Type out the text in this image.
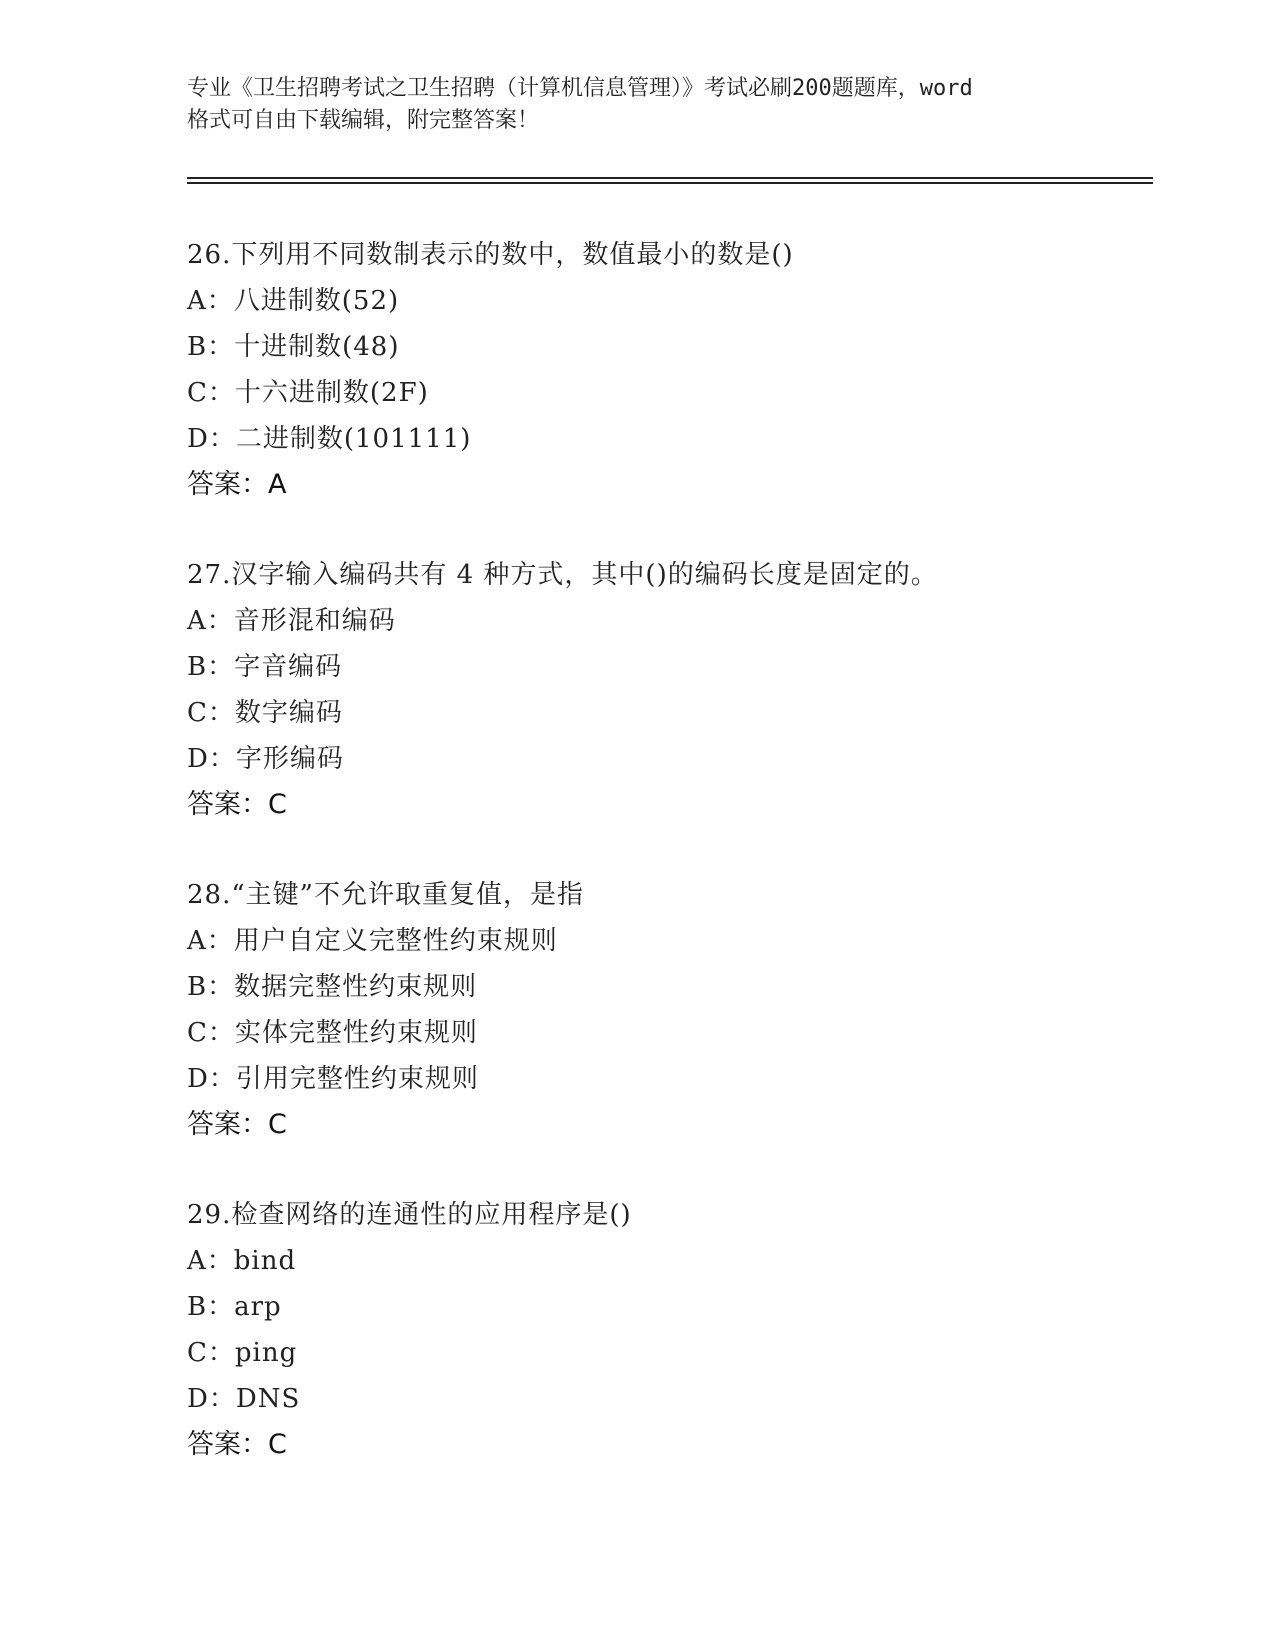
专业《卫生招聘考试之卫生招聘（计算机信息管理）》考试必刷200题题库，word
格式可自由下载编辑，附完整答案！
26.下列用不同数制表示的数中，数值最小的数是()
A：八进制数(52)
B：十进制数(48)
C：十六进制数(2F)
D：二进制数(101111)
答案：A
27.汉字输入编码共有 4 种方式，其中()的编码长度是固定的。
A：音形混和编码
B：字音编码
C：数字编码
D：字形编码
答案：C
28.“主键”不允许取重复值，是指
A：用户自定义完整性约束规则
B：数据完整性约束规则
C：实体完整性约束规则
D：引用完整性约束规则
答案：C
29.检查网络的连通性的应用程序是()
A：bind
B：arp
C：ping
D：DNS
答案：C
